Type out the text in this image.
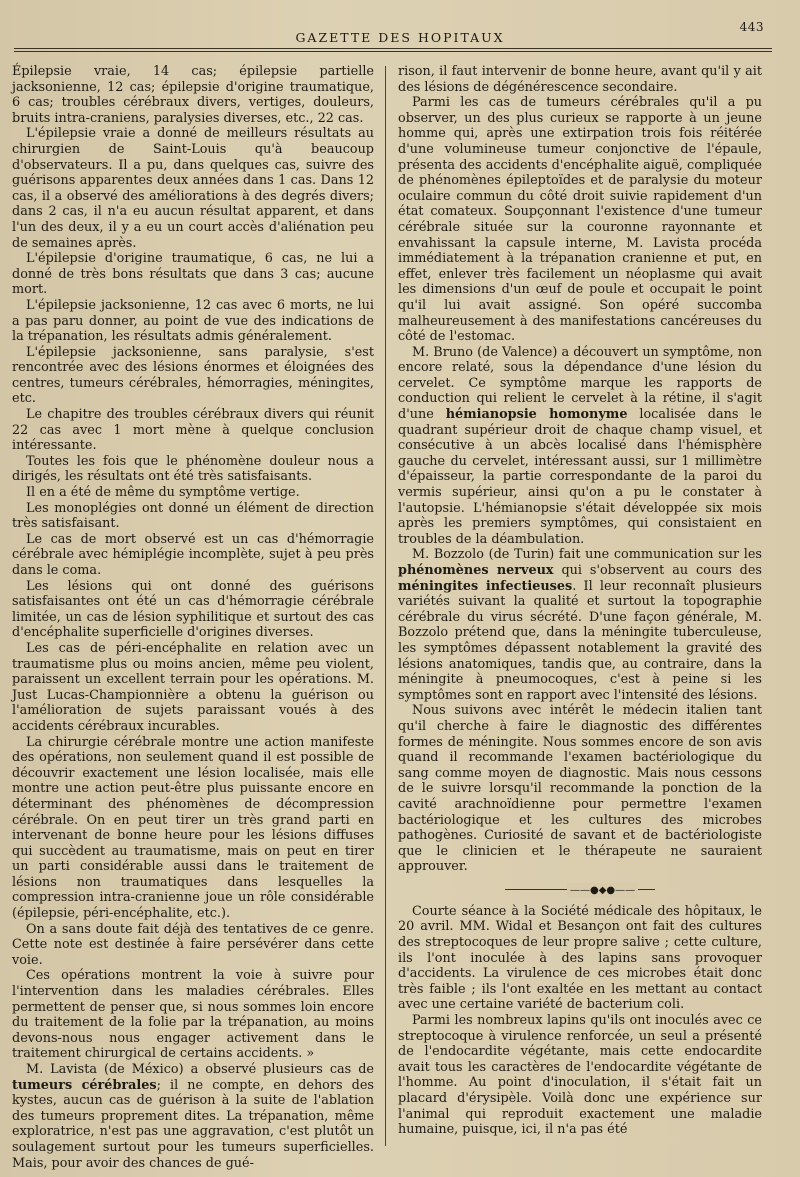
443
GAZETTE DES HOPITAUX

Épilepsie vraie, 14 cas; épilepsie partielle jacksonienne, 12 cas; épilepsie d'origine traumatique, 6 cas; troubles cérébraux divers, vertiges, douleurs, bruits intra-craniens, paralysies diverses, etc., 22 cas.

L'épilepsie vraie a donné de meilleurs résultats au chirurgien de Saint-Louis qu'à beaucoup d'observateurs. Il a pu, dans quelques cas, suivre des guérisons apparentes deux années dans 1 cas. Dans 12 cas, il a observé des améliorations à des degrés divers; dans 2 cas, il n'a eu aucun résultat apparent, et dans l'un des deux, il y a eu un court accès d'aliénation peu de semaines après.

L'épilepsie d'origine traumatique, 6 cas, ne lui a donné de très bons résultats que dans 3 cas; aucune mort.

L'épilepsie jacksonienne, 12 cas avec 6 morts, ne lui a pas paru donner, au point de vue des indications de la trépanation, les résultats admis généralement.

L'épilepsie jacksonienne, sans paralysie, s'est rencontrée avec des lésions énormes et éloignées des centres, tumeurs cérébrales, hémorragies, méningites, etc.

Le chapitre des troubles cérébraux divers qui réunit 22 cas avec 1 mort mène à quelque conclusion intéressante.

Toutes les fois que le phénomène douleur nous a dirigés, les résultats ont été très satisfaisants.

Il en a été de même du symptôme vertige.

Les monoplégies ont donné un élément de direction très satisfaisant.

Le cas de mort observé est un cas d'hémorragie cérébrale avec hémiplégie incomplète, sujet à peu près dans le coma.

Les lésions qui ont donné des guérisons satisfaisantes ont été un cas d'hémorragie cérébrale limitée, un cas de lésion syphilitique et surtout des cas d'encéphalite superficielle d'origines diverses.

Les cas de péri-encéphalite en relation avec un traumatisme plus ou moins ancien, même peu violent, paraissent un excellent terrain pour les opérations. M. Just Lucas-Championnière a obtenu la guérison ou l'amélioration de sujets paraissant voués à des accidents cérébraux incurables.

La chirurgie cérébrale montre une action manifeste des opérations, non seulement quand il est possible de découvrir exactement une lésion localisée, mais elle montre une action peut-être plus puissante encore en déterminant des phénomènes de décompression cérébrale. On en peut tirer un très grand parti en intervenant de bonne heure pour les lésions diffuses qui succèdent au traumatisme, mais on peut en tirer un parti considérable aussi dans le traitement de lésions non traumatiques dans lesquelles la compression intra-cranienne joue un rôle considérable (épilepsie, péri-encéphalite, etc.).

On a sans doute fait déjà des tentatives de ce genre. Cette note est destinée à faire persévérer dans cette voie.

Ces opérations montrent la voie à suivre pour l'intervention dans les maladies cérébrales. Elles permettent de penser que, si nous sommes loin encore du traitement de la folie par la trépanation, au moins devons-nous nous engager activement dans le traitement chirurgical de certains accidents. »

M. Lavista (de México) a observé plusieurs cas de tumeurs cérébrales; il ne compte, en dehors des kystes, aucun cas de guérison à la suite de l'ablation des tumeurs proprement dites. La trépanation, même exploratrice, n'est pas une aggravation, c'est plutôt un soulagement surtout pour les tumeurs superficielles. Mais, pour avoir des chances de gué-

rison, il faut intervenir de bonne heure, avant qu'il y ait des lésions de dégénérescence secondaire.

Parmi les cas de tumeurs cérébrales qu'il a pu observer, un des plus curieux se rapporte à un jeune homme qui, après une extirpation trois fois réitérée d'une volumineuse tumeur conjonctive de l'épaule, présenta des accidents d'encéphalite aiguë, compliquée de phénomènes épileptoïdes et de paralysie du moteur oculaire commun du côté droit suivie rapidement d'un état comateux. Soupçonnant l'existence d'une tumeur cérébrale située sur la couronne rayonnante et envahissant la capsule interne, M. Lavista procéda immédiatement à la trépanation cranienne et put, en effet, enlever très facilement un néoplasme qui avait les dimensions d'un œuf de poule et occupait le point qu'il lui avait assigné. Son opéré succomba malheureusement à des manifestations cancéreuses du côté de l'estomac.

M. Bruno (de Valence) a découvert un symptôme, non encore relaté, sous la dépendance d'une lésion du cervelet. Ce symptôme marque les rapports de conduction qui relient le cervelet à la rétine, il s'agit d'une hémianopsie homonyme localisée dans le quadrant supérieur droit de chaque champ visuel, et consécutive à un abcès localisé dans l'hémisphère gauche du cervelet, intéressant aussi, sur 1 millimètre d'épaisseur, la partie correspondante de la paroi du vermis supérieur, ainsi qu'on a pu le constater à l'autopsie. L'hémianopsie s'était développée six mois après les premiers symptômes, qui consistaient en troubles de la déambulation.

M. Bozzolo (de Turin) fait une communication sur les phénomènes nerveux qui s'observent au cours des méningites infectieuses. Il leur reconnaît plusieurs variétés suivant la qualité et surtout la topographie cérébrale du virus sécrété. D'une façon générale, M. Bozzolo prétend que, dans la méningite tuberculeuse, les symptômes dépassent notablement la gravité des lésions anatomiques, tandis que, au contraire, dans la méningite à pneumocoques, c'est à peine si les symptômes sont en rapport avec l'intensité des lésions.

Nous suivons avec intérêt le médecin italien tant qu'il cherche à faire le diagnostic des différentes formes de méningite. Nous sommes encore de son avis quand il recommande l'examen bactériologique du sang comme moyen de diagnostic. Mais nous cessons de le suivre lorsqu'il recommande la ponction de la cavité arachnoïdienne pour permettre l'examen bactériologique et les cultures des microbes pathogènes. Curiosité de savant et de bactériologiste que le clinicien et le thérapeute ne sauraient approuver.

——●◆●——

Courte séance à la Société médicale des hôpitaux, le 20 avril. MM. Widal et Besançon ont fait des cultures des streptocoques de leur propre salive ; cette culture, ils l'ont inoculée à des lapins sans provoquer d'accidents. La virulence de ces microbes était donc très faible ; ils l'ont exaltée en les mettant au contact avec une certaine variété de bacterium coli.

Parmi les nombreux lapins qu'ils ont inoculés avec ce streptocoque à virulence renforcée, un seul a présenté de l'endocardite végétante, mais cette endocardite avait tous les caractères de l'endocardite végétante de l'homme. Au point d'inoculation, il s'était fait un placard d'érysipèle. Voilà donc une expérience sur l'animal qui reproduit exactement une maladie humaine, puisque, ici, il n'a pas été
